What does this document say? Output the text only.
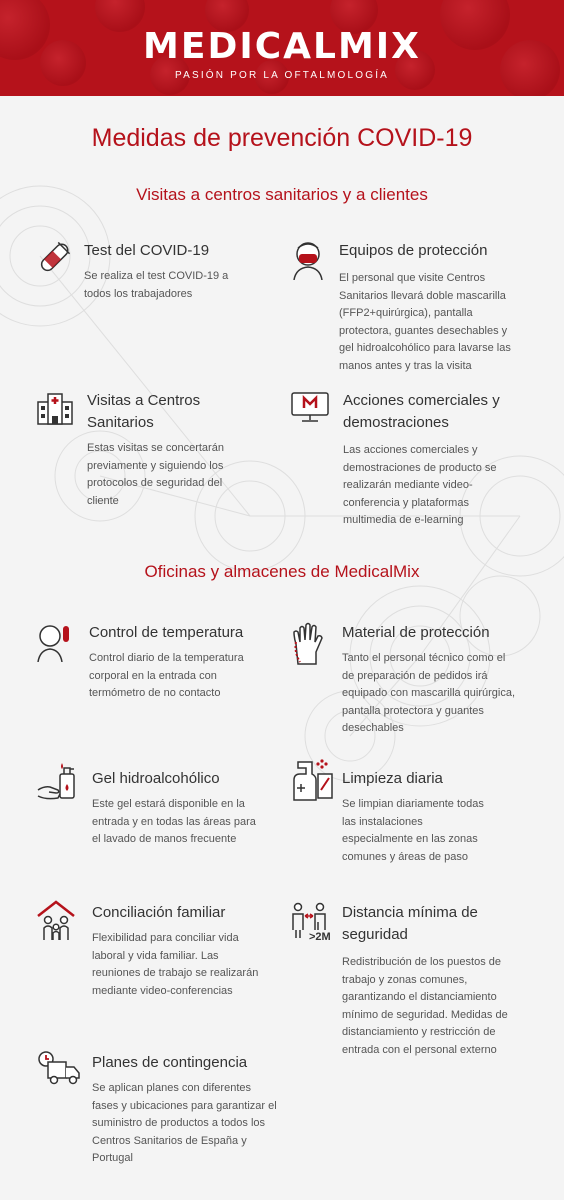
MEDICALMIX
PASIÓN POR LA OFTALMOLOGÍA
Medidas de prevención COVID-19
Visitas a centros sanitarios y a clientes
Oficinas y almacenes de MedicalMix
Test del COVID-19

Se realiza el test COVID-19 a todos los trabajadores

Equipos de protección

El personal que visite Centros Sanitarios llevará doble mascarilla (FFP2+quirúrgica), pantalla protectora, guantes desechables y gel hidroalcohólico para lavarse las manos antes y tras la visita

Visitas a Centros Sanitarios

Estas visitas se concertarán previamente y siguiendo los protocolos de seguridad del cliente

Acciones comerciales y demostraciones

Las acciones comerciales y demostraciones de producto se realizarán mediante video-conferencia y plataformas multimedia de e-learning

Control de temperatura

Control diario de la temperatura corporal en la entrada con termómetro de no contacto

Material de protección

Tanto el personal técnico como el de preparación de pedidos irá equipado con mascarilla quirúrgica, pantalla protectora y guantes desechables

Gel hidroalcohólico

Este gel estará disponible en la entrada y en todas las áreas para el lavado de manos frecuente

Limpieza diaria

Se limpian diariamente todas las instalaciones especialmente en las zonas comunes y áreas de paso

Conciliación familiar

Flexibilidad para conciliar vida laboral y vida familiar. Las reuniones de trabajo se realizarán mediante video-conferencias

>2M
Distancia mínima de seguridad

Redistribución de los puestos de trabajo y zonas comunes, garantizando el distanciamiento mínimo de seguridad. Medidas de distanciamiento y restricción de entrada con el personal externo

Planes de contingencia

Se aplican planes con diferentes fases y ubicaciones para garantizar el suministro de productos a todos los Centros Sanitarios de España y Portugal
